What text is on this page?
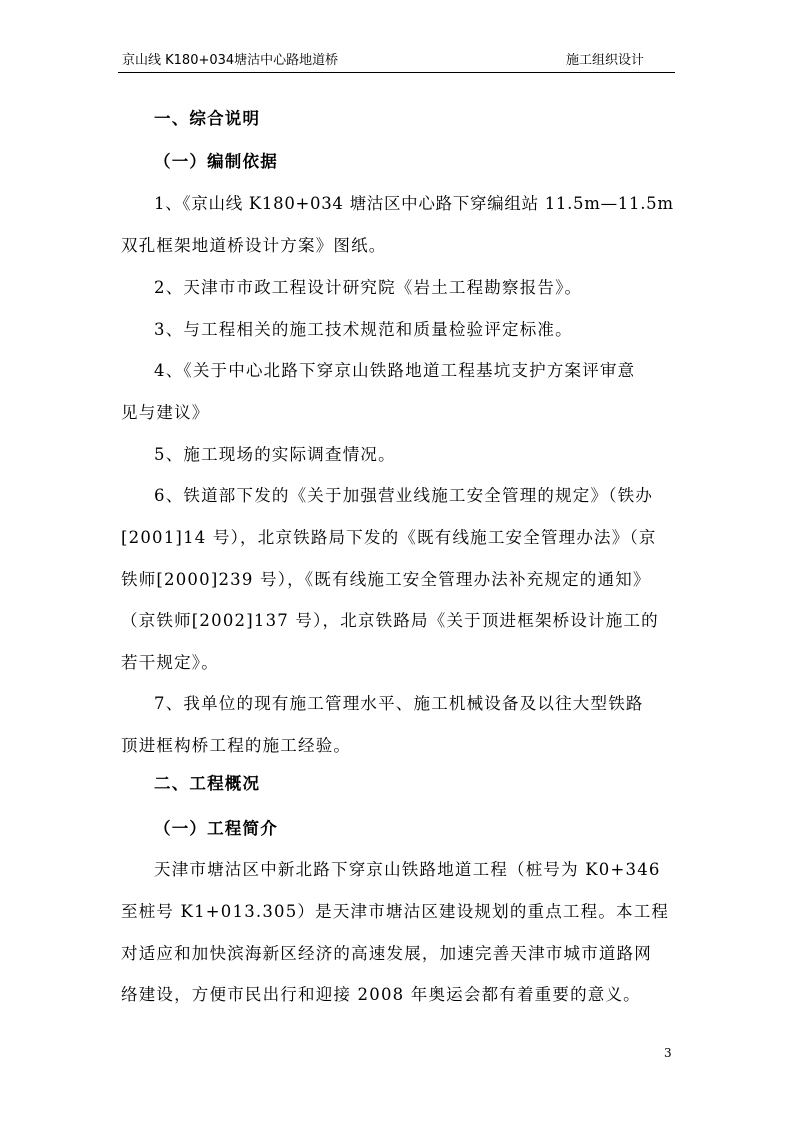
京山线 K180+034塘沽中心路地道桥	施工组织设计
一、综合说明
（一）编制依据
1、《京山线 K180+034 塘沽区中心路下穿编组站 11.5m—11.5m
双孔框架地道桥设计方案》图纸。
2、天津市市政工程设计研究院《岩土工程勘察报告》。
3、与工程相关的施工技术规范和质量检验评定标准。
4、《关于中心北路下穿京山铁路地道工程基坑支护方案评审意
见与建议》
5、施工现场的实际调查情况。
6、铁道部下发的《关于加强营业线施工安全管理的规定》（铁办
[2001]14 号），北京铁路局下发的《既有线施工安全管理办法》（京
铁师[2000]239 号），《既有线施工安全管理办法补充规定的通知》
（京铁师[2002]137 号），北京铁路局《关于顶进框架桥设计施工的
若干规定》。
7、我单位的现有施工管理水平、施工机械设备及以往大型铁路
顶进框构桥工程的施工经验。
二、工程概况
（一）工程简介
天津市塘沽区中新北路下穿京山铁路地道工程（桩号为 K0+346
至桩号 K1+013.305）是天津市塘沽区建设规划的重点工程。本工程
对适应和加快滨海新区经济的高速发展，加速完善天津市城市道路网
络建设，方便市民出行和迎接 2008 年奥运会都有着重要的意义。
3
